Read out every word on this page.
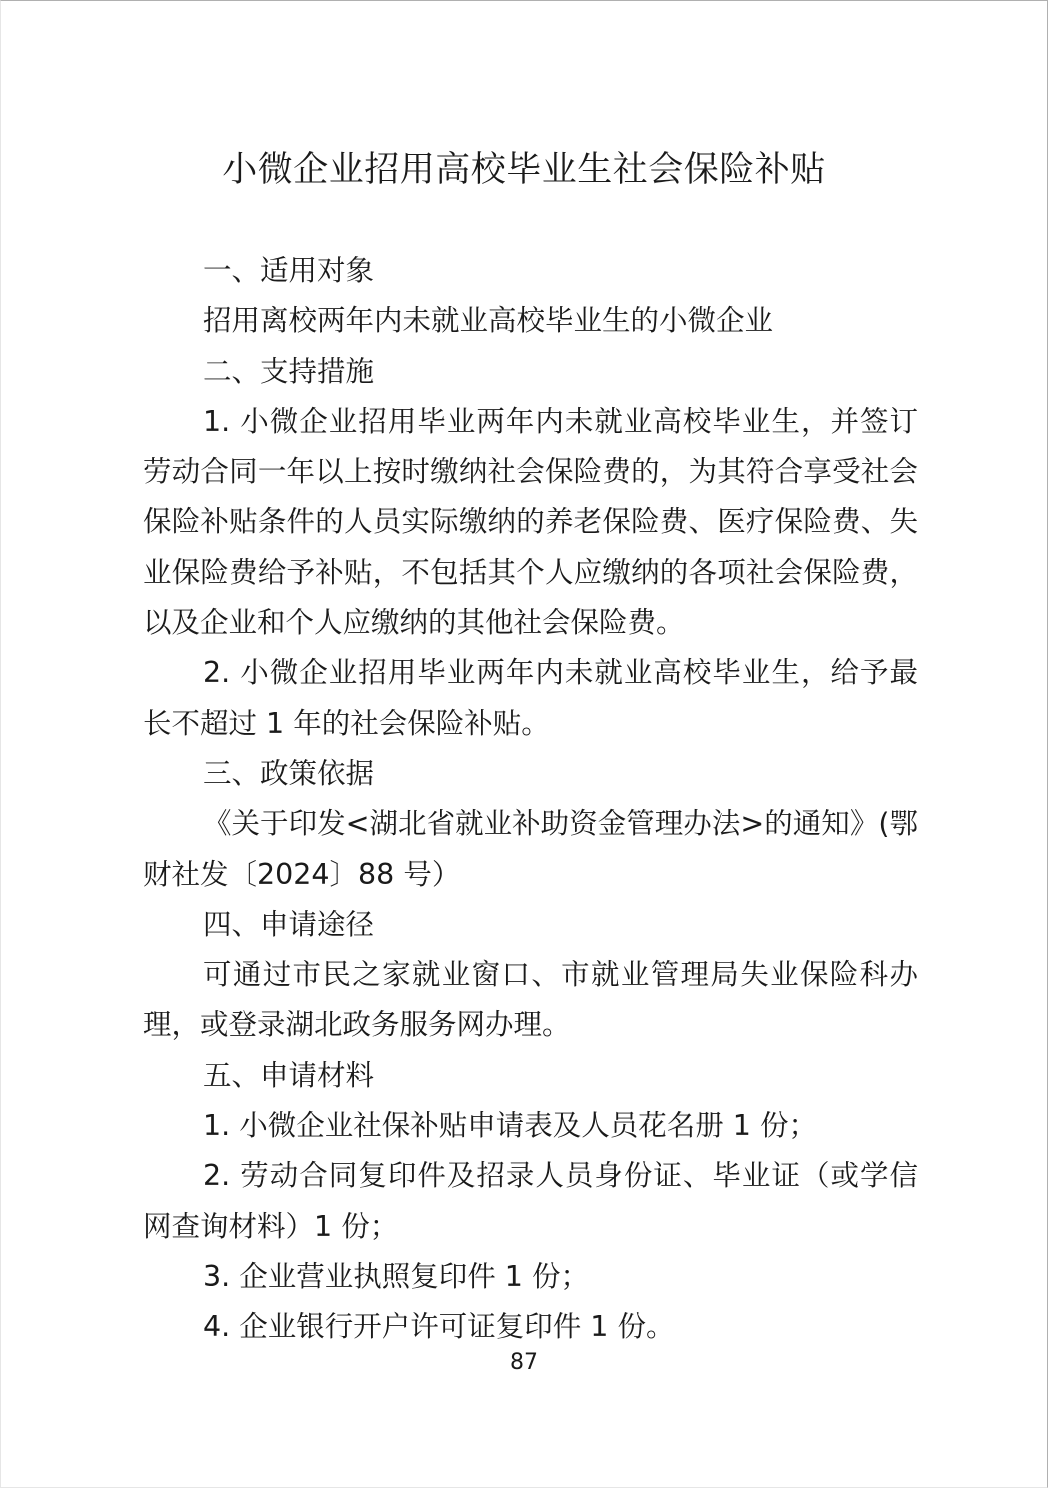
小微企业招用高校毕业生社会保险补贴

一、适用对象

招用离校两年内未就业高校毕业生的小微企业

二、支持措施

1. 小微企业招用毕业两年内未就业高校毕业生，并签订劳动合同一年以上按时缴纳社会保险费的，为其符合享受社会保险补贴条件的人员实际缴纳的养老保险费、医疗保险费、失业保险费给予补贴，不包括其个人应缴纳的各项社会保险费，以及企业和个人应缴纳的其他社会保险费。

2. 小微企业招用毕业两年内未就业高校毕业生，给予最长不超过 1 年的社会保险补贴。

三、政策依据

《关于印发<湖北省就业补助资金管理办法>的通知》(鄂财社发〔2024〕88 号）

四、申请途径

可通过市民之家就业窗口、市就业管理局失业保险科办理，或登录湖北政务服务网办理。

五、申请材料

1. 小微企业社保补贴申请表及人员花名册 1 份；

2. 劳动合同复印件及招录人员身份证、毕业证（或学信网查询材料）1 份；

3. 企业营业执照复印件 1 份；

4. 企业银行开户许可证复印件 1 份。

87
